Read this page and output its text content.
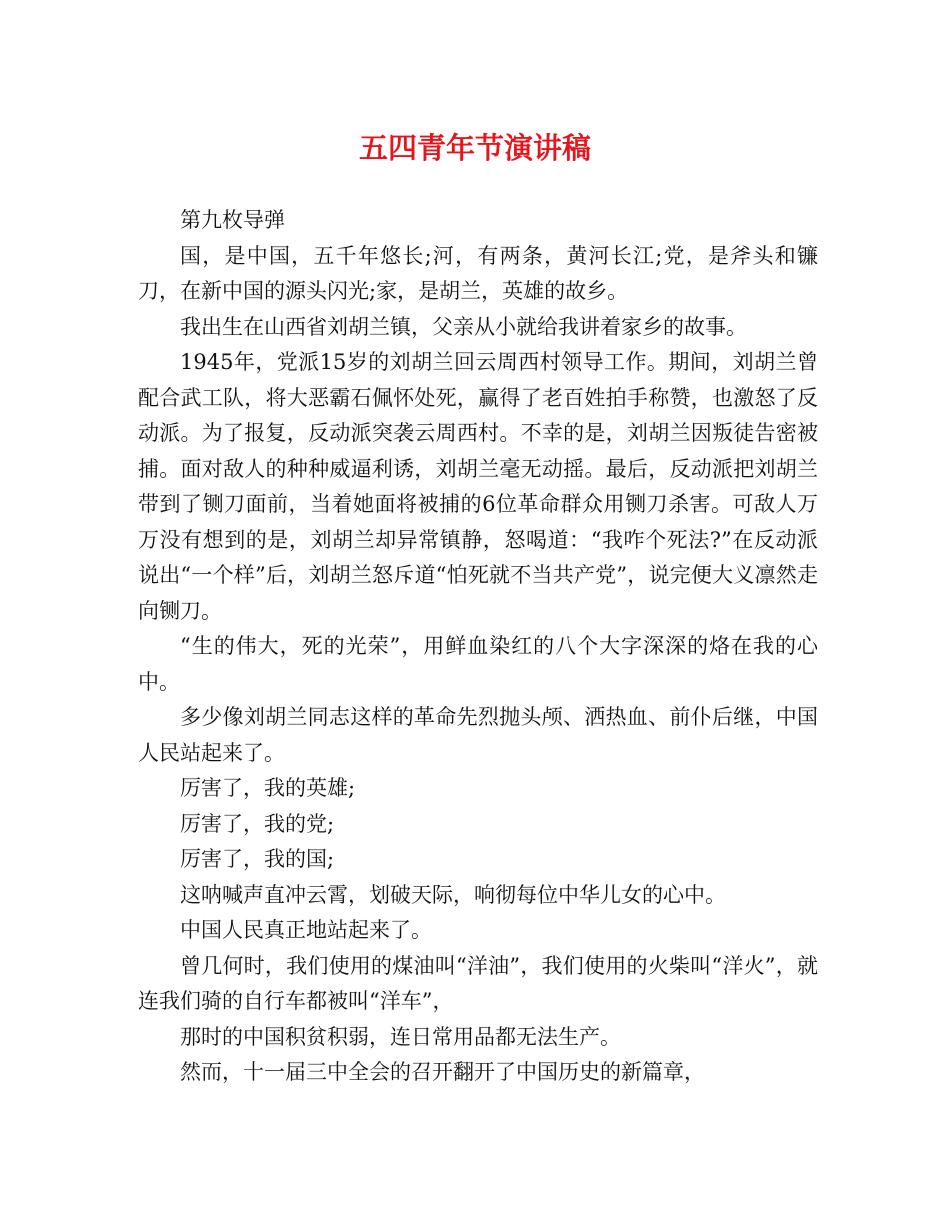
五四青年节演讲稿

第九枚导弹

国，是中国，五千年悠长;河，有两条，黄河长江;党，是斧头和镰刀，在新中国的源头闪光;家，是胡兰，英雄的故乡。

我出生在山西省刘胡兰镇，父亲从小就给我讲着家乡的故事。

1945年，党派15岁的刘胡兰回云周西村领导工作。期间，刘胡兰曾配合武工队，将大恶霸石佩怀处死，赢得了老百姓拍手称赞，也激怒了反动派。为了报复，反动派突袭云周西村。不幸的是，刘胡兰因叛徒告密被捕。面对敌人的种种威逼利诱，刘胡兰毫无动摇。最后，反动派把刘胡兰带到了铡刀面前，当着她面将被捕的6位革命群众用铡刀杀害。可敌人万万没有想到的是，刘胡兰却异常镇静，怒喝道：“我咋个死法?”在反动派说出“一个样”后，刘胡兰怒斥道“怕死就不当共产党”，说完便大义凛然走向铡刀。

“生的伟大，死的光荣”，用鲜血染红的八个大字深深的烙在我的心中。

多少像刘胡兰同志这样的革命先烈抛头颅、洒热血、前仆后继，中国人民站起来了。

厉害了，我的英雄;

厉害了，我的党;

厉害了，我的国;

这呐喊声直冲云霄，划破天际，响彻每位中华儿女的心中。

中国人民真正地站起来了。

曾几何时，我们使用的煤油叫“洋油”，我们使用的火柴叫“洋火”，就连我们骑的自行车都被叫“洋车”，

那时的中国积贫积弱，连日常用品都无法生产。

然而，十一届三中全会的召开翻开了中国历史的新篇章，
